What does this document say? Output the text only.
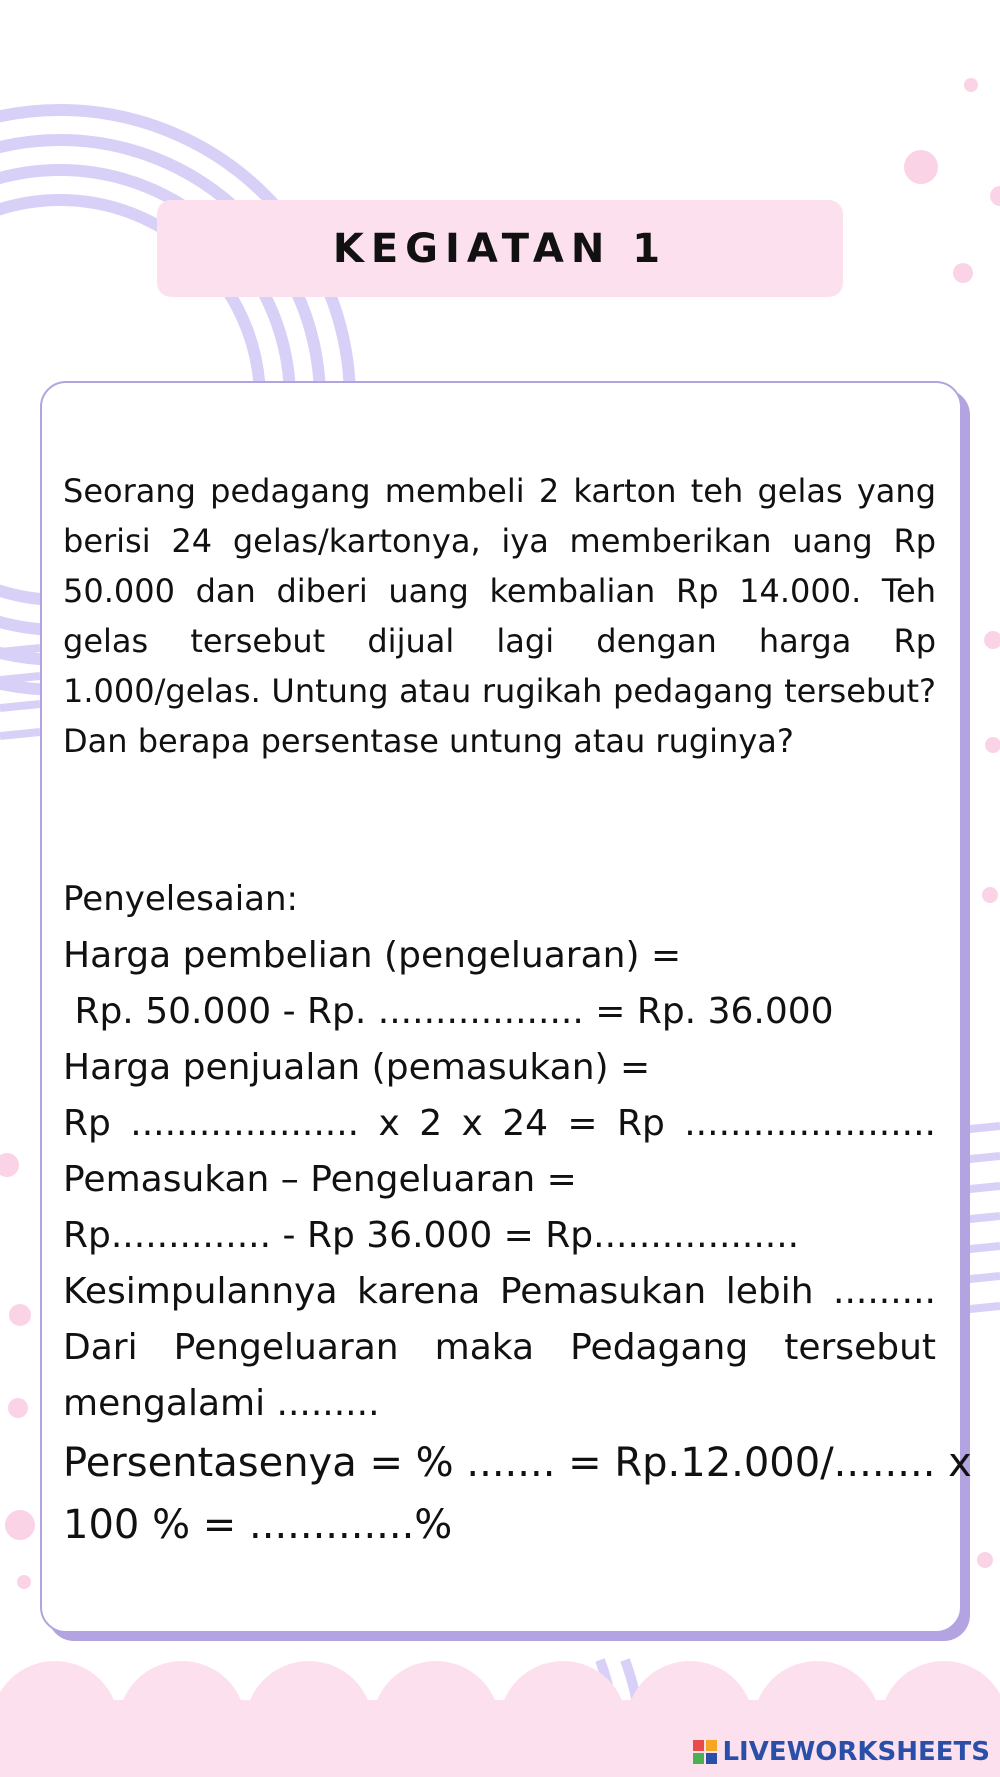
KEGIATAN 1

Seorang pedagang membeli 2 karton teh gelas yang berisi 24 gelas/kartonya, iya memberikan uang Rp 50.000 dan diberi uang kembalian Rp 14.000. Teh gelas tersebut dijual lagi dengan harga Rp 1.000/gelas. Untung atau rugikah pedagang tersebut? Dan berapa persentase untung atau ruginya?

Penyelesaian:
Harga pembelian (pengeluaran) =
Rp. 50.000 - Rp. .................. = Rp. 36.000
Harga penjualan (pemasukan) =
Rp .................... x 2 x 24 = Rp ......................
Pemasukan – Pengeluaran =
Rp.............. - Rp 36.000 = Rp..................
Kesimpulannya karena Pemasukan lebih ......... Dari Pengeluaran maka Pedagang tersebut mengalami .........
Persentasenya = % ....... = Rp.12.000/........ x
100 % = .............%
LIVEWORKSHEETS
